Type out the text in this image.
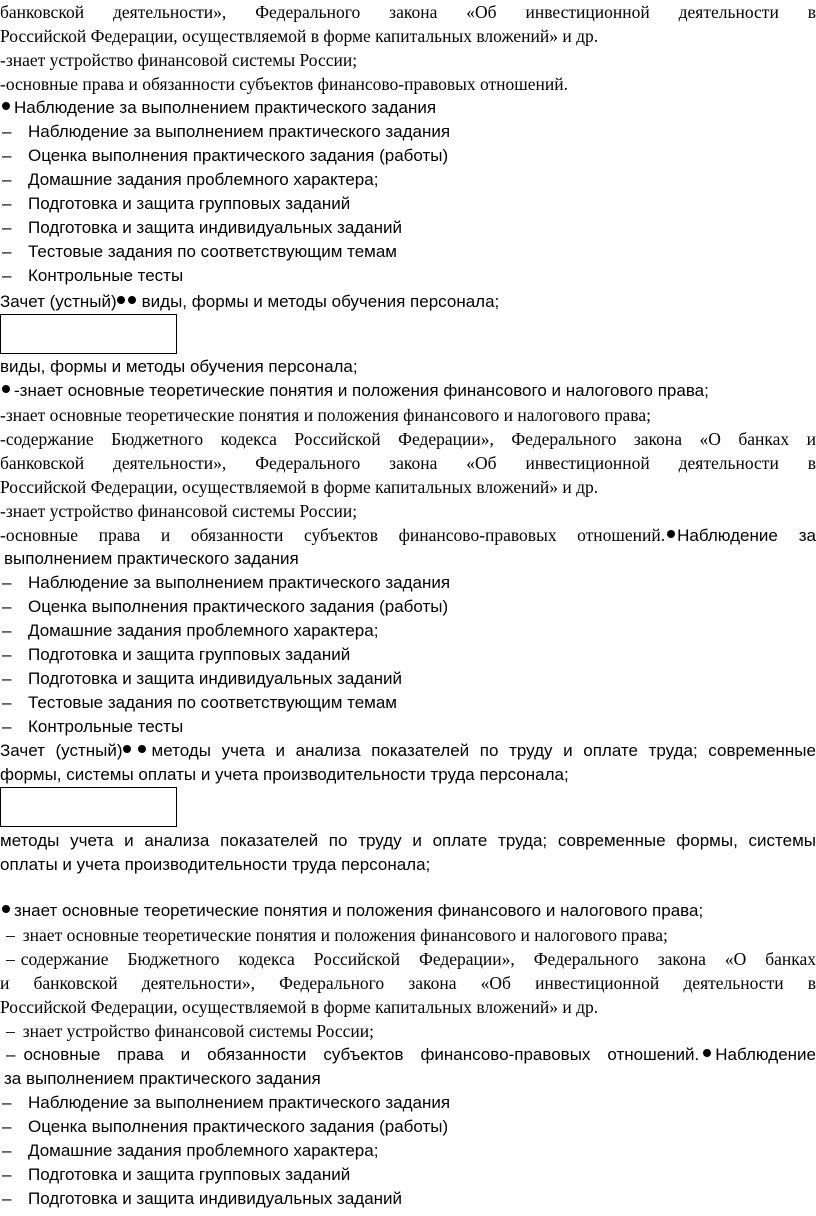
банковской деятельности», Федерального закона «Об инвестиционной деятельности в
Российской Федерации, осуществляемой в форме капитальных вложений» и др.
-знает устройство финансовой системы России;
-основные права и обязанности субъектов финансово-правовых отношений.
Наблюдение за выполнением практического задания
– Наблюдение за выполнением практического задания
– Оценка выполнения практического задания (работы)
– Домашние задания проблемного характера;
– Подготовка и защита групповых заданий
– Подготовка и защита индивидуальных заданий
– Тестовые задания по соответствующим темам
– Контрольные тесты
Зачет (устный) виды, формы и методы обучения персонала;
виды, формы и методы обучения персонала;
-знает основные теоретические понятия и положения финансового и налогового права;
-знает основные теоретические понятия и положения финансового и налогового права;
-содержание Бюджетного кодекса Российской Федерации», Федерального закона «О банках и
банковской деятельности», Федерального закона «Об инвестиционной деятельности в
Российской Федерации, осуществляемой в форме капитальных вложений» и др.
-знает устройство финансовой системы России;
-основные права и обязанности субъектов финансово-правовых отношений. Наблюдение за
выполнением практического задания
– Наблюдение за выполнением практического задания
– Оценка выполнения практического задания (работы)
– Домашние задания проблемного характера;
– Подготовка и защита групповых заданий
– Подготовка и защита индивидуальных заданий
– Тестовые задания по соответствующим темам
– Контрольные тесты
Зачет (устный) методы учета и анализа показателей по труду и оплате труда; современные
формы, системы оплаты и учета производительности труда персонала;
методы учета и анализа показателей по труду и оплате труда; современные формы, системы
оплаты и учета производительности труда персонала;
знает основные теоретические понятия и положения финансового и налогового права;
– знает основные теоретические понятия и положения финансового и налогового права;
– содержание Бюджетного кодекса Российской Федерации», Федерального закона «О банках
и банковской деятельности», Федерального закона «Об инвестиционной деятельности в
Российской Федерации, осуществляемой в форме капитальных вложений» и др.
– знает устройство финансовой системы России;
– основные права и обязанности субъектов финансово-правовых отношений. Наблюдение
за выполнением практического задания
– Наблюдение за выполнением практического задания
– Оценка выполнения практического задания (работы)
– Домашние задания проблемного характера;
– Подготовка и защита групповых заданий
– Подготовка и защита индивидуальных заданий
